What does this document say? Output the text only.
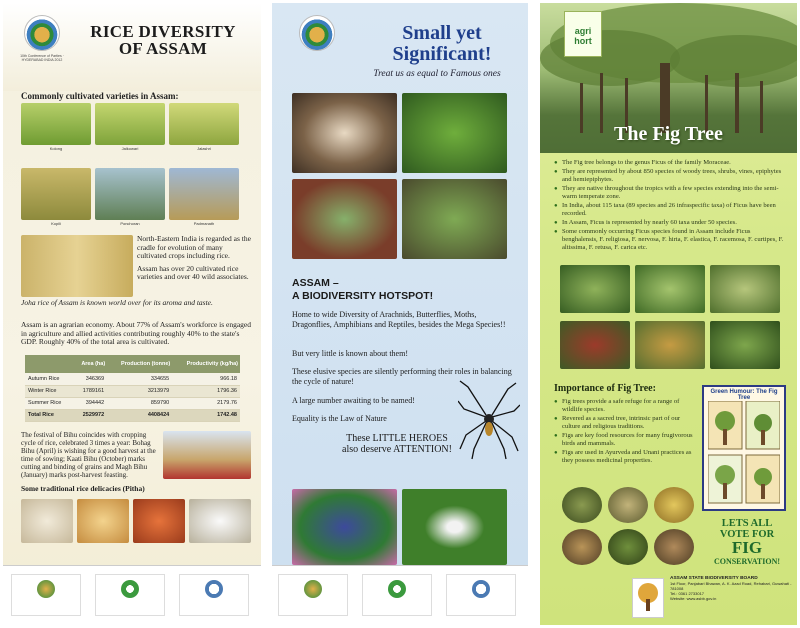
10th Conference of Parties · HYDERABAD INDIA 2012
RICE DIVERSITY
OF ASSAM
Commonly cultivated varieties in Assam:
Kolong	Jalkowari	Jalashri
Kopili	Ponchoran	Padmanath

North-Eastern India is regarded as the cradle for evolution of many cultivated crops including rice.

Assam has over 20 cultivated rice varieties and over 40 wild associates.

Joha rice of Assam is known world over for its aroma and taste.
Assam is an agrarian economy. About 77% of Assam's workforce is engaged in agriculture and allied activities contributing roughly 40% to the state's GDP. Roughly 40% of the total area is cultivated.
	Area (ha)	Production (tonne)	Productivity (kg/ha)
Autumn Rice	346369	334655	966.18
Winter Rice	1789161	3213979	1796.36
Summer Rice	394442	859790	2179.76
Total Rice	2529972	4408424	1742.48
The festival of Bihu coincides with cropping cycle of rice, celebrated 3 times a year: Bohag Bihu (April) is wishing for a good harvest at the time of sowing; Kaati Bihu (October) marks cutting and binding of grains and Magh Bihu (January) marks post-harvest feasting.
Some traditional rice delicacies (Pitha)
Small yet Significant!
Treat us as equal to Famous ones
ASSAM –
A BIODIVERSITY HOTSPOT!
Home to wide Diversity of Arachnids, Butterflies, Moths, Dragonflies, Amphibians and Reptiles, besides the Mega Species!!
But very little is known about them!
These elusive species are silently performing their roles in balancing the cycle of nature!
A large number awaiting to be named!
Equality is the Law of Nature
These LITTLE HEROES also deserve ATTENTION!
agri hort
The Fig Tree
● The Fig tree belongs to the genus Ficus of the family Moraceae.
● They are represented by about 850 species of woody trees, shrubs, vines, epiphytes and hemiepiphytes.
● They are native throughout the tropics with a few species extending into the semi-warm temperate zone.
● In India, about 115 taxa (89 species and 26 infraspecific taxa) of Ficus have been recorded.
● In Assam, Ficus is represented by nearly 60 taxa under 50 species.
● Some commonly occurring Ficus species found in Assam include Ficus benghalensis, F. religiosa, F. nervosa, F. hirta, F. elastica, F. racemosa, F. curtipes, F. altissima, F. retusa, F. carica etc.
Importance of Fig Tree:
● Fig trees provide a safe refuge for a range of wildlife species.
● Revered as a sacred tree, intrinsic part of our culture and religious traditions.
● Figs are key food resources for many frugivorous birds and mammals.
● Figs are used in Ayurveda and Unani practices as they possess medicinal properties.
Green Humour: The Fig Tree
LETS ALL
VOTE FOR
FIG
CONSERVATION!
ASSAM STATE BIODIVERSITY BOARD
1st Floor, Panjabari Bhawan, A. K. Azad Road, Rehabari, Guwahati - 781008
Tel.: 0361 2733017
Website: www.asbb.gov.in
